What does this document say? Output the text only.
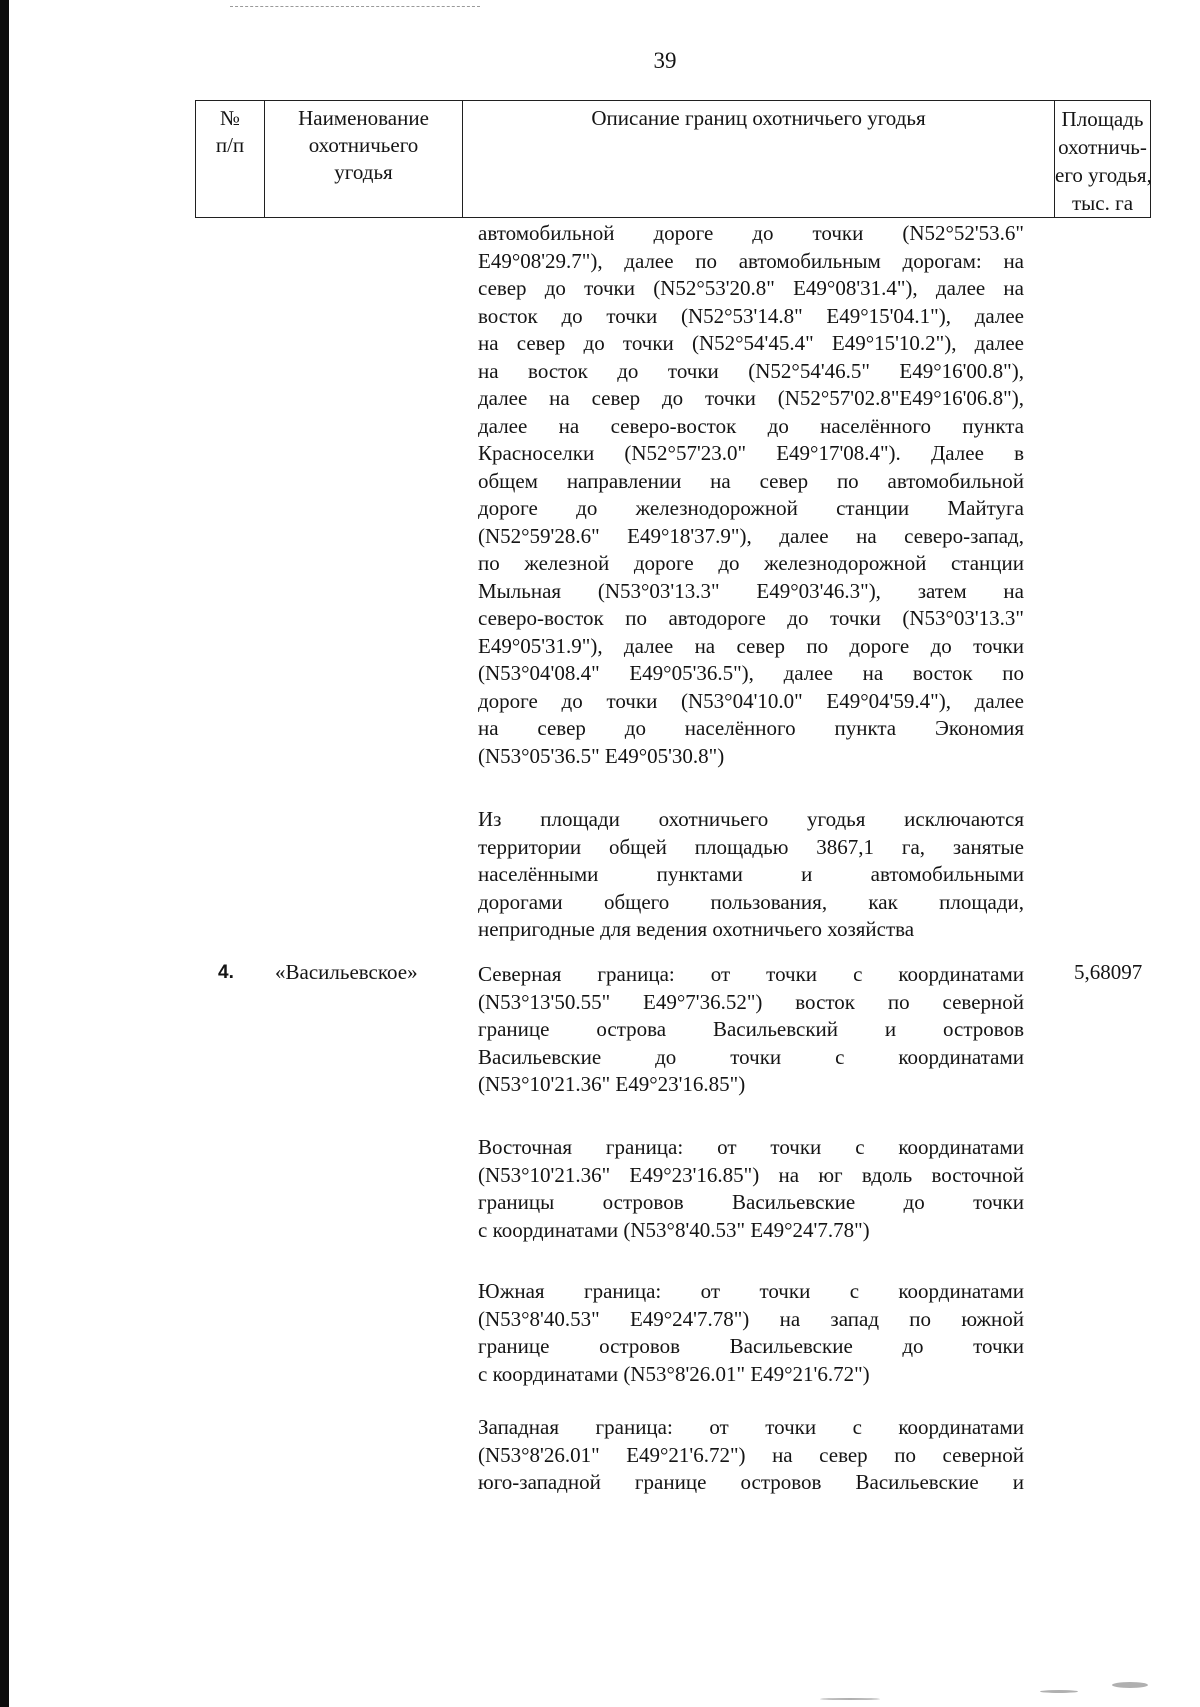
39
№
п/п
Наименование
охотничьего
угодья
Описание границ охотничьего угодья	Площадь
охотничь-
его угодья,
тыс. га
автомобильной дороге до точки (N52°52'53.6"
E49°08'29.7"), далее по автомобильным дорогам: на
север до точки (N52°53'20.8" E49°08'31.4"), далее на
восток до точки (N52°53'14.8" E49°15'04.1"), далее
на север до точки (N52°54'45.4" E49°15'10.2"), далее
на восток до точки (N52°54'46.5" E49°16'00.8"),
далее на север до точки (N52°57'02.8"E49°16'06.8"),
далее на северо-восток до населённого пункта
Красноселки (N52°57'23.0" E49°17'08.4"). Далее в
общем направлении на север по автомобильной
дороге до железнодорожной станции Майтуга
(N52°59'28.6" E49°18'37.9"), далее на северо-запад,
по железной дороге до железнодорожной станции
Мыльная (N53°03'13.3" E49°03'46.3"), затем на
северо-восток по автодороге до точки (N53°03'13.3"
E49°05'31.9"), далее на север по дороге до точки
(N53°04'08.4" E49°05'36.5"), далее на восток по
дороге до точки (N53°04'10.0" E49°04'59.4"), далее
на север до населённого пункта Экономия
(N53°05'36.5" E49°05'30.8")
Из площади охотничьего угодья исключаются
территории общей площадью 3867,1 га, занятые
населёнными пунктами и автомобильными
дорогами общего пользования, как площади,
непригодные для ведения охотничьего хозяйства
4. «Васильевское»	5,68097
Северная граница: от точки с координатами
(N53°13'50.55" E49°7'36.52") восток по северной
границе острова Васильевский и островов
Васильевские до точки с координатами
(N53°10'21.36" E49°23'16.85")
Восточная граница: от точки с координатами
(N53°10'21.36" E49°23'16.85") на юг вдоль восточной
границы островов Васильевские до точки
с координатами (N53°8'40.53" E49°24'7.78")
Южная граница: от точки с координатами
(N53°8'40.53" E49°24'7.78") на запад по южной
границе островов Васильевские до точки
с координатами (N53°8'26.01" E49°21'6.72")
Западная граница: от точки с координатами
(N53°8'26.01" E49°21'6.72") на север по северной
юго-западной границе островов Васильевские и
